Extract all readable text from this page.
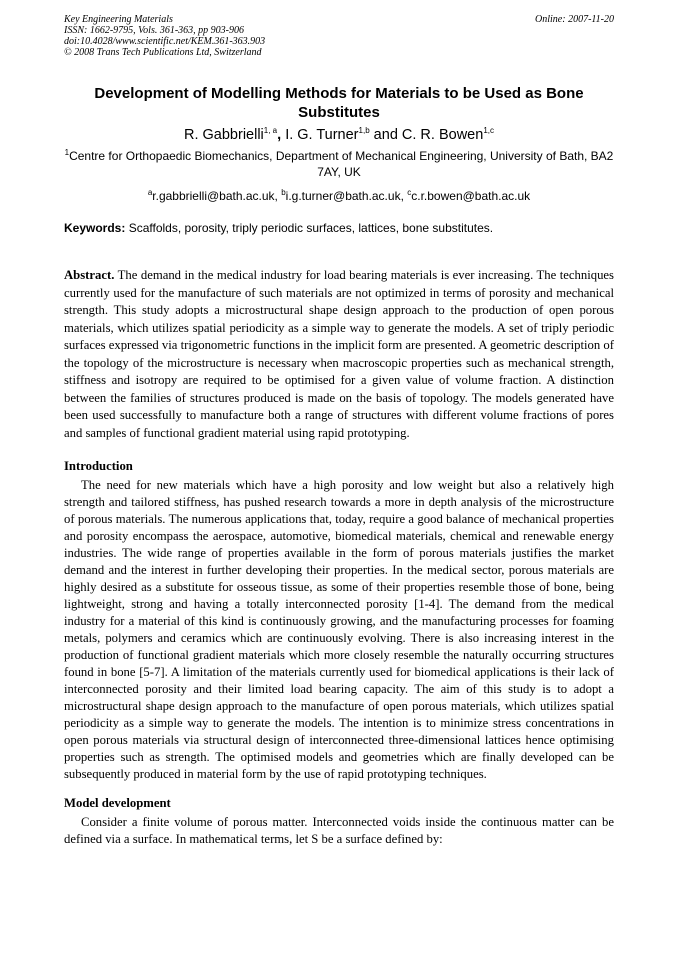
Key Engineering Materials
ISSN: 1662-9795, Vols. 361-363, pp 903-906
doi:10.4028/www.scientific.net/KEM.361-363.903
© 2008 Trans Tech Publications Ltd, Switzerland
Online: 2007-11-20
Development of Modelling Methods for Materials to be Used as Bone Substitutes
R. Gabbrielli$^{1, a}$, I. G. Turner$^{1,b}$ and C. R. Bowen$^{1,c}$
$^1$Centre for Orthopaedic Biomechanics, Department of Mechanical Engineering, University of Bath, BA2 7AY, UK
$^a$r.gabbrielli@bath.ac.uk, $^b$i.g.turner@bath.ac.uk, $^c$c.r.bowen@bath.ac.uk
Keywords: Scaffolds, porosity, triply periodic surfaces, lattices, bone substitutes.
Abstract. The demand in the medical industry for load bearing materials is ever increasing. The techniques currently used for the manufacture of such materials are not optimized in terms of porosity and mechanical strength. This study adopts a microstructural shape design approach to the production of open porous materials, which utilizes spatial periodicity as a simple way to generate the models. A set of triply periodic surfaces expressed via trigonometric functions in the implicit form are presented. A geometric description of the topology of the microstructure is necessary when macroscopic properties such as mechanical strength, stiffness and isotropy are required to be optimised for a given value of volume fraction. A distinction between the families of structures produced is made on the basis of topology. The models generated have been used successfully to manufacture both a range of structures with different volume fractions of pores and samples of functional gradient material using rapid prototyping.
Introduction

The need for new materials which have a high porosity and low weight but also a relatively high strength and tailored stiffness, has pushed research towards a more in depth analysis of the microstructure of porous materials. The numerous applications that, today, require a good balance of mechanical properties and porosity encompass the aerospace, automotive, biomedical materials, chemical and renewable energy industries. The wide range of properties available in the form of porous materials justifies the market demand and the interest in further developing their properties. In the medical sector, porous materials are highly desired as a substitute for osseous tissue, as some of their properties resemble those of bone, being lightweight, strong and having a totally interconnected porosity [1-4]. The demand from the medical industry for a material of this kind is continuously growing, and the manufacturing processes for foaming metals, polymers and ceramics which are continuously evolving. There is also increasing interest in the production of functional gradient materials which more closely resemble the naturally occurring structures found in bone [5-7]. A limitation of the materials currently used for biomedical applications is their lack of interconnected porosity and their limited load bearing capacity. The aim of this study is to adopt a microstructural shape design approach to the manufacture of open porous materials, which utilizes spatial periodicity as a simple way to generate the models. The intention is to minimize stress concentrations in open porous materials via structural design of interconnected three-dimensional lattices hence optimising properties such as strength. The optimised models and geometries which are finally developed can be subsequently produced in material form by the use of rapid prototyping techniques.

Model development

Consider a finite volume of porous matter. Interconnected voids inside the continuous matter can be defined via a surface. In mathematical terms, let S be a surface defined by:
